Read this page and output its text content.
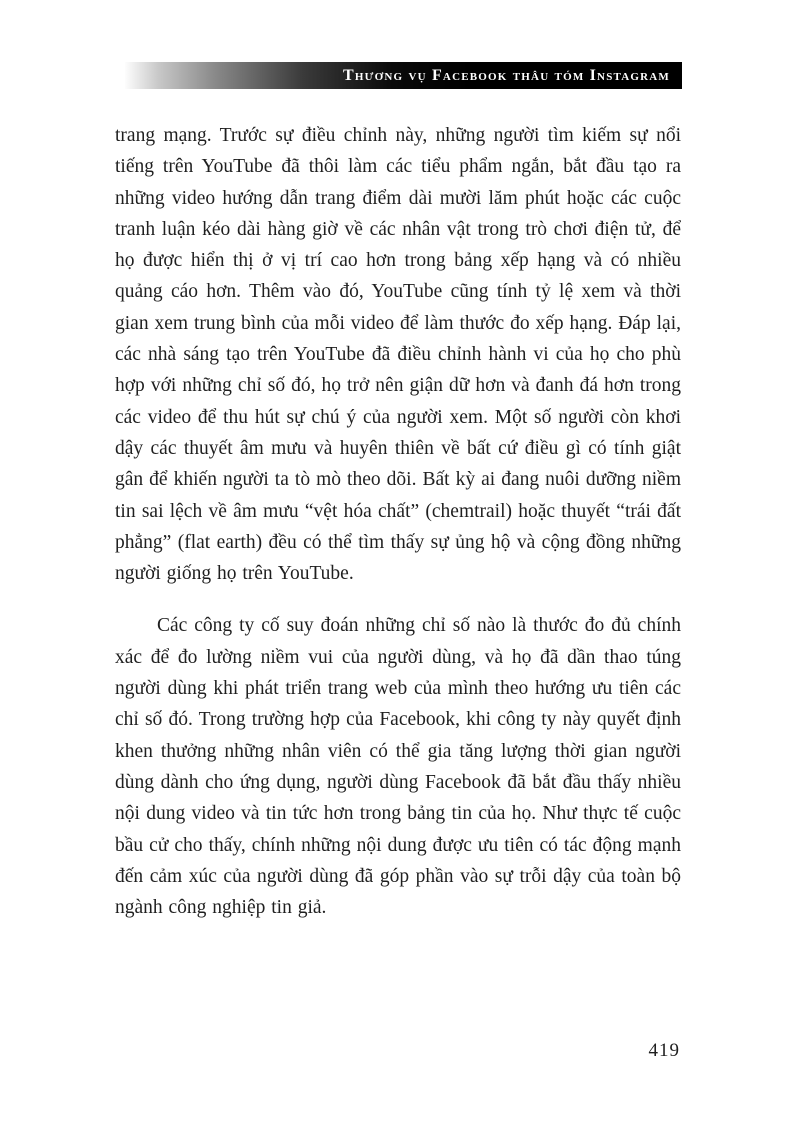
Thương vụ Facebook thâu tóm Instagram

trang mạng. Trước sự điều chỉnh này, những người tìm kiếm sự nổi tiếng trên YouTube đã thôi làm các tiểu phẩm ngắn, bắt đầu tạo ra những video hướng dẫn trang điểm dài mười lăm phút hoặc các cuộc tranh luận kéo dài hàng giờ về các nhân vật trong trò chơi điện tử, để họ được hiển thị ở vị trí cao hơn trong bảng xếp hạng và có nhiều quảng cáo hơn. Thêm vào đó, YouTube cũng tính tỷ lệ xem và thời gian xem trung bình của mỗi video để làm thước đo xếp hạng. Đáp lại, các nhà sáng tạo trên YouTube đã điều chỉnh hành vi của họ cho phù hợp với những chỉ số đó, họ trở nên giận dữ hơn và đanh đá hơn trong các video để thu hút sự chú ý của người xem. Một số người còn khơi dậy các thuyết âm mưu và huyên thiên về bất cứ điều gì có tính giật gân để khiến người ta tò mò theo dõi. Bất kỳ ai đang nuôi dưỡng niềm tin sai lệch về âm mưu “vệt hóa chất” (chemtrail) hoặc thuyết “trái đất phẳng” (flat earth) đều có thể tìm thấy sự ủng hộ và cộng đồng những người giống họ trên YouTube.

Các công ty cố suy đoán những chỉ số nào là thước đo đủ chính xác để đo lường niềm vui của người dùng, và họ đã dần thao túng người dùng khi phát triển trang web của mình theo hướng ưu tiên các chỉ số đó. Trong trường hợp của Facebook, khi công ty này quyết định khen thưởng những nhân viên có thể gia tăng lượng thời gian người dùng dành cho ứng dụng, người dùng Facebook đã bắt đầu thấy nhiều nội dung video và tin tức hơn trong bảng tin của họ. Như thực tế cuộc bầu cử cho thấy, chính những nội dung được ưu tiên có tác động mạnh đến cảm xúc của người dùng đã góp phần vào sự trỗi dậy của toàn bộ ngành công nghiệp tin giả.

419
